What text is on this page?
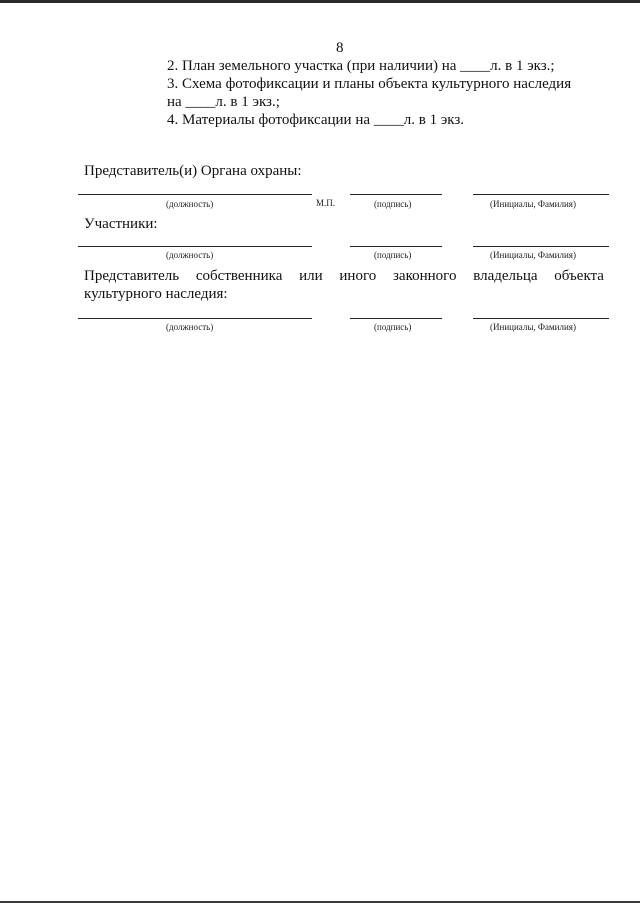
8
2. План земельного участка (при наличии) на ____л. в 1 экз.;
3. Схема фотофиксации и планы объекта культурного наследия
на ____л. в 1 экз.;
4. Материалы фотофиксации на ____л. в 1 экз.
Представитель(и) Органа охраны:
(должность)	М.П.	(подпись)	(Инициалы, Фамилия)
Участники:
(должность)	(подпись)	(Инициалы, Фамилия)
Представитель собственника или иного законного владельца объекта
культурного наследия:
(должность)	(подпись)	(Инициалы, Фамилия)
